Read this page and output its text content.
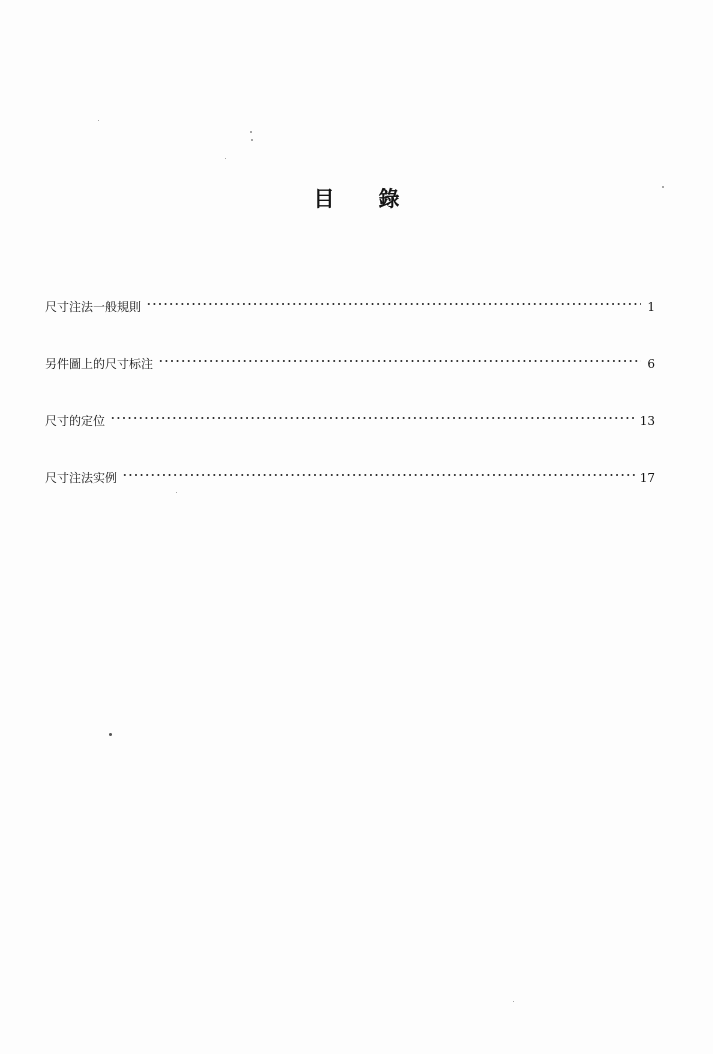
目 錄
尺寸注法一般規則	1
另件圖上的尺寸标注	6
尺寸的定位	13
尺寸注法实例	17
